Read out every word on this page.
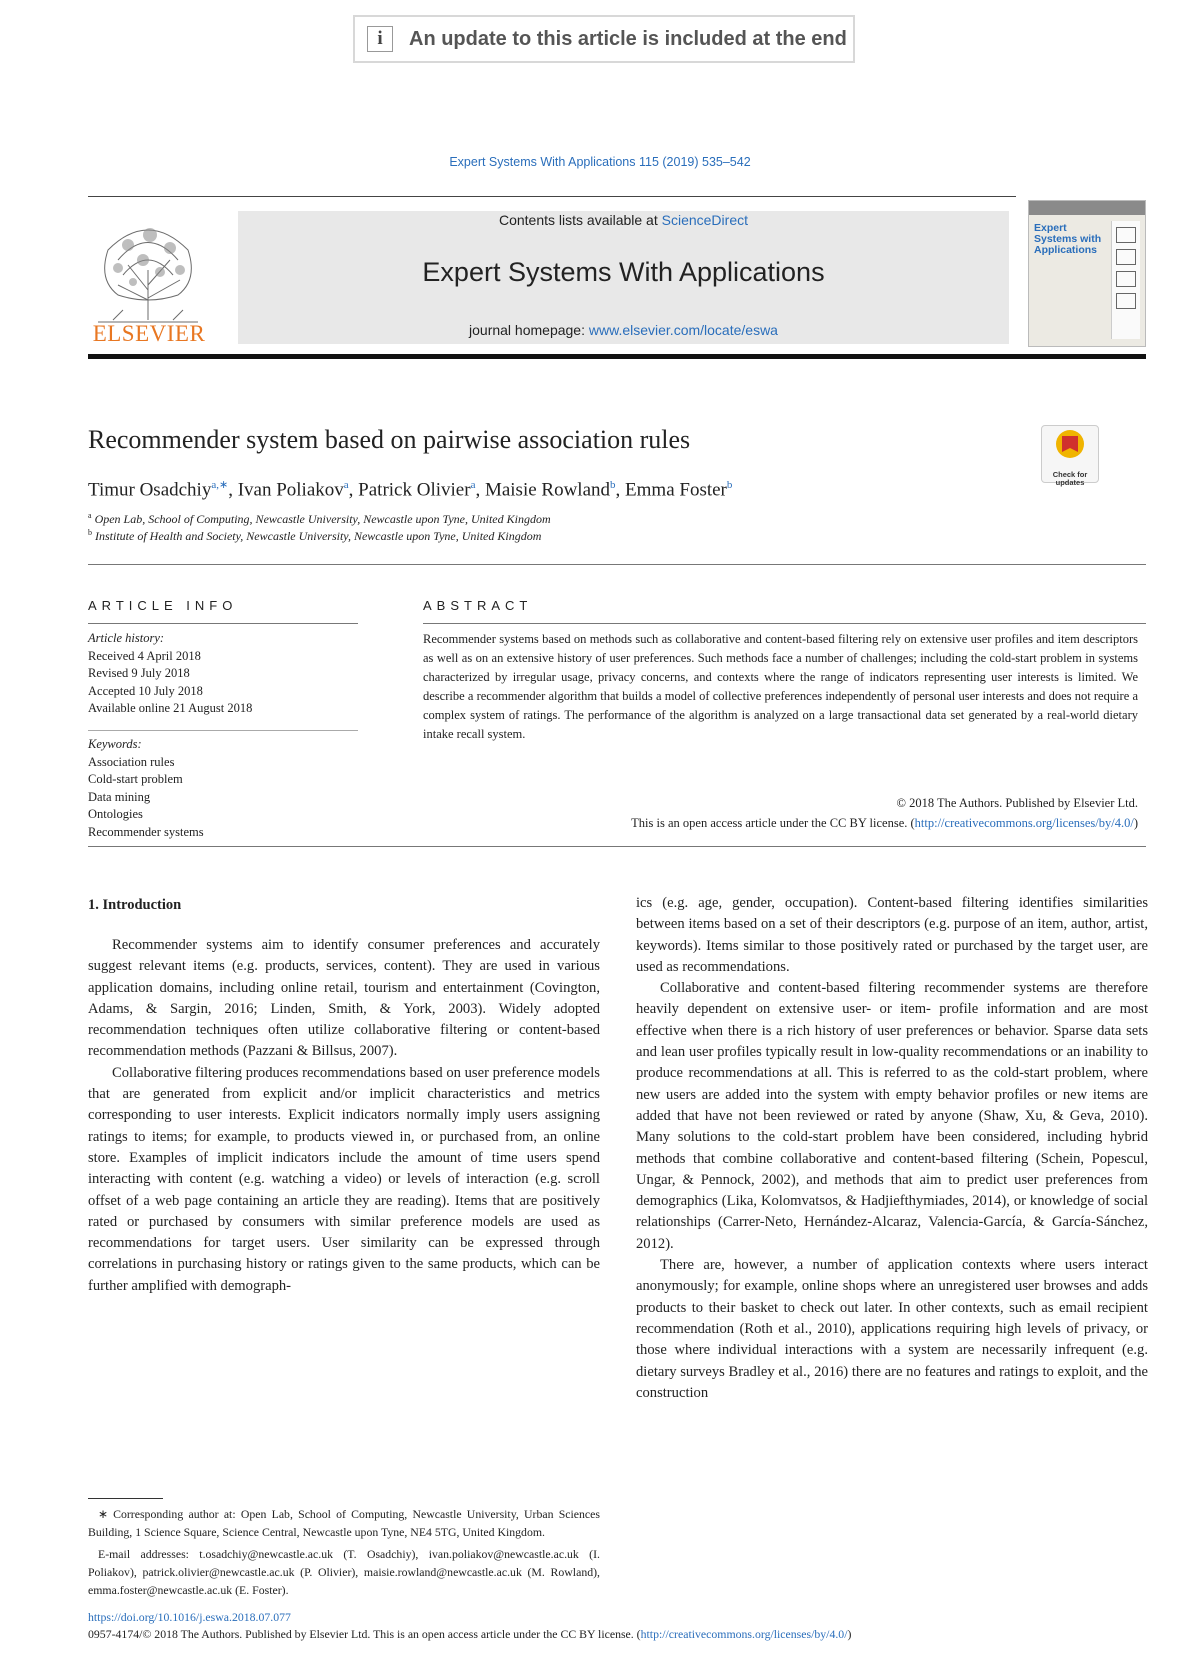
i	An update to this article is included at the end
Expert Systems With Applications 115 (2019) 535–542
ELSEVIER
Contents lists available at ScienceDirect
Expert Systems With Applications
journal homepage: www.elsevier.com/locate/eswa
Expert Systems with Applications
Recommender system based on pairwise association rules
Check for updates
Timur Osadchiy$^{a,∗}$, Ivan Poliakov$^a$, Patrick Olivier$^a$, Maisie Rowland$^b$, Emma Foster$^b$
$^a$ Open Lab, School of Computing, Newcastle University, Newcastle upon Tyne, United Kingdom
$^b$ Institute of Health and Society, Newcastle University, Newcastle upon Tyne, United Kingdom
ARTICLE INFO
Article history:
Received 4 April 2018
Revised 9 July 2018
Accepted 10 July 2018
Available online 21 August 2018
Keywords:
Association rules
Cold-start problem
Data mining
Ontologies
Recommender systems
ABSTRACT
Recommender systems based on methods such as collaborative and content-based filtering rely on extensive user profiles and item descriptors as well as on an extensive history of user preferences. Such methods face a number of challenges; including the cold-start problem in systems characterized by irregular usage, privacy concerns, and contexts where the range of indicators representing user interests is limited. We describe a recommender algorithm that builds a model of collective preferences independently of personal user interests and does not require a complex system of ratings. The performance of the algorithm is analyzed on a large transactional data set generated by a real-world dietary intake recall system.
© 2018 The Authors. Published by Elsevier Ltd.
This is an open access article under the CC BY license. (http://creativecommons.org/licenses/by/4.0/)
1. Introduction

Recommender systems aim to identify consumer preferences and accurately suggest relevant items (e.g. products, services, content). They are used in various application domains, including online retail, tourism and entertainment (Covington, Adams, & Sargin, 2016; Linden, Smith, & York, 2003). Widely adopted recommendation techniques often utilize collaborative filtering or content-based recommendation methods (Pazzani & Billsus, 2007).

Collaborative filtering produces recommendations based on user preference models that are generated from explicit and/or implicit characteristics and metrics corresponding to user interests. Explicit indicators normally imply users assigning ratings to items; for example, to products viewed in, or purchased from, an online store. Examples of implicit indicators include the amount of time users spend interacting with content (e.g. watching a video) or levels of interaction (e.g. scroll offset of a web page containing an article they are reading). Items that are positively rated or purchased by consumers with similar preference models are used as recommendations for target users. User similarity can be expressed through correlations in purchasing history or ratings given to the same products, which can be further amplified with demograph-

ics (e.g. age, gender, occupation). Content-based filtering identifies similarities between items based on a set of their descriptors (e.g. purpose of an item, author, artist, keywords). Items similar to those positively rated or purchased by the target user, are used as recommendations.

Collaborative and content-based filtering recommender systems are therefore heavily dependent on extensive user- or item- profile information and are most effective when there is a rich history of user preferences or behavior. Sparse data sets and lean user profiles typically result in low-quality recommendations or an inability to produce recommendations at all. This is referred to as the cold-start problem, where new users are added into the system with empty behavior profiles or new items are added that have not been reviewed or rated by anyone (Shaw, Xu, & Geva, 2010). Many solutions to the cold-start problem have been considered, including hybrid methods that combine collaborative and content-based filtering (Schein, Popescul, Ungar, & Pennock, 2002), and methods that aim to predict user preferences from demographics (Lika, Kolomvatsos, & Hadjiefthymiades, 2014), or knowledge of social relationships (Carrer-Neto, Hernández-Alcaraz, Valencia-García, & García-Sánchez, 2012).

There are, however, a number of application contexts where users interact anonymously; for example, online shops where an unregistered user browses and adds products to their basket to check out later. In other contexts, such as email recipient recommendation (Roth et al., 2010), applications requiring high levels of privacy, or those where individual interactions with a system are necessarily infrequent (e.g. dietary surveys Bradley et al., 2016) there are no features and ratings to exploit, and the construction

∗ Corresponding author at: Open Lab, School of Computing, Newcastle University, Urban Sciences Building, 1 Science Square, Science Central, Newcastle upon Tyne, NE4 5TG, United Kingdom.

E-mail addresses: t.osadchiy@newcastle.ac.uk (T. Osadchiy), ivan.poliakov@newcastle.ac.uk (I. Poliakov), patrick.olivier@newcastle.ac.uk (P. Olivier), maisie.rowland@newcastle.ac.uk (M. Rowland), emma.foster@newcastle.ac.uk (E. Foster).

https://doi.org/10.1016/j.eswa.2018.07.077
0957-4174/© 2018 The Authors. Published by Elsevier Ltd. This is an open access article under the CC BY license. (http://creativecommons.org/licenses/by/4.0/)
